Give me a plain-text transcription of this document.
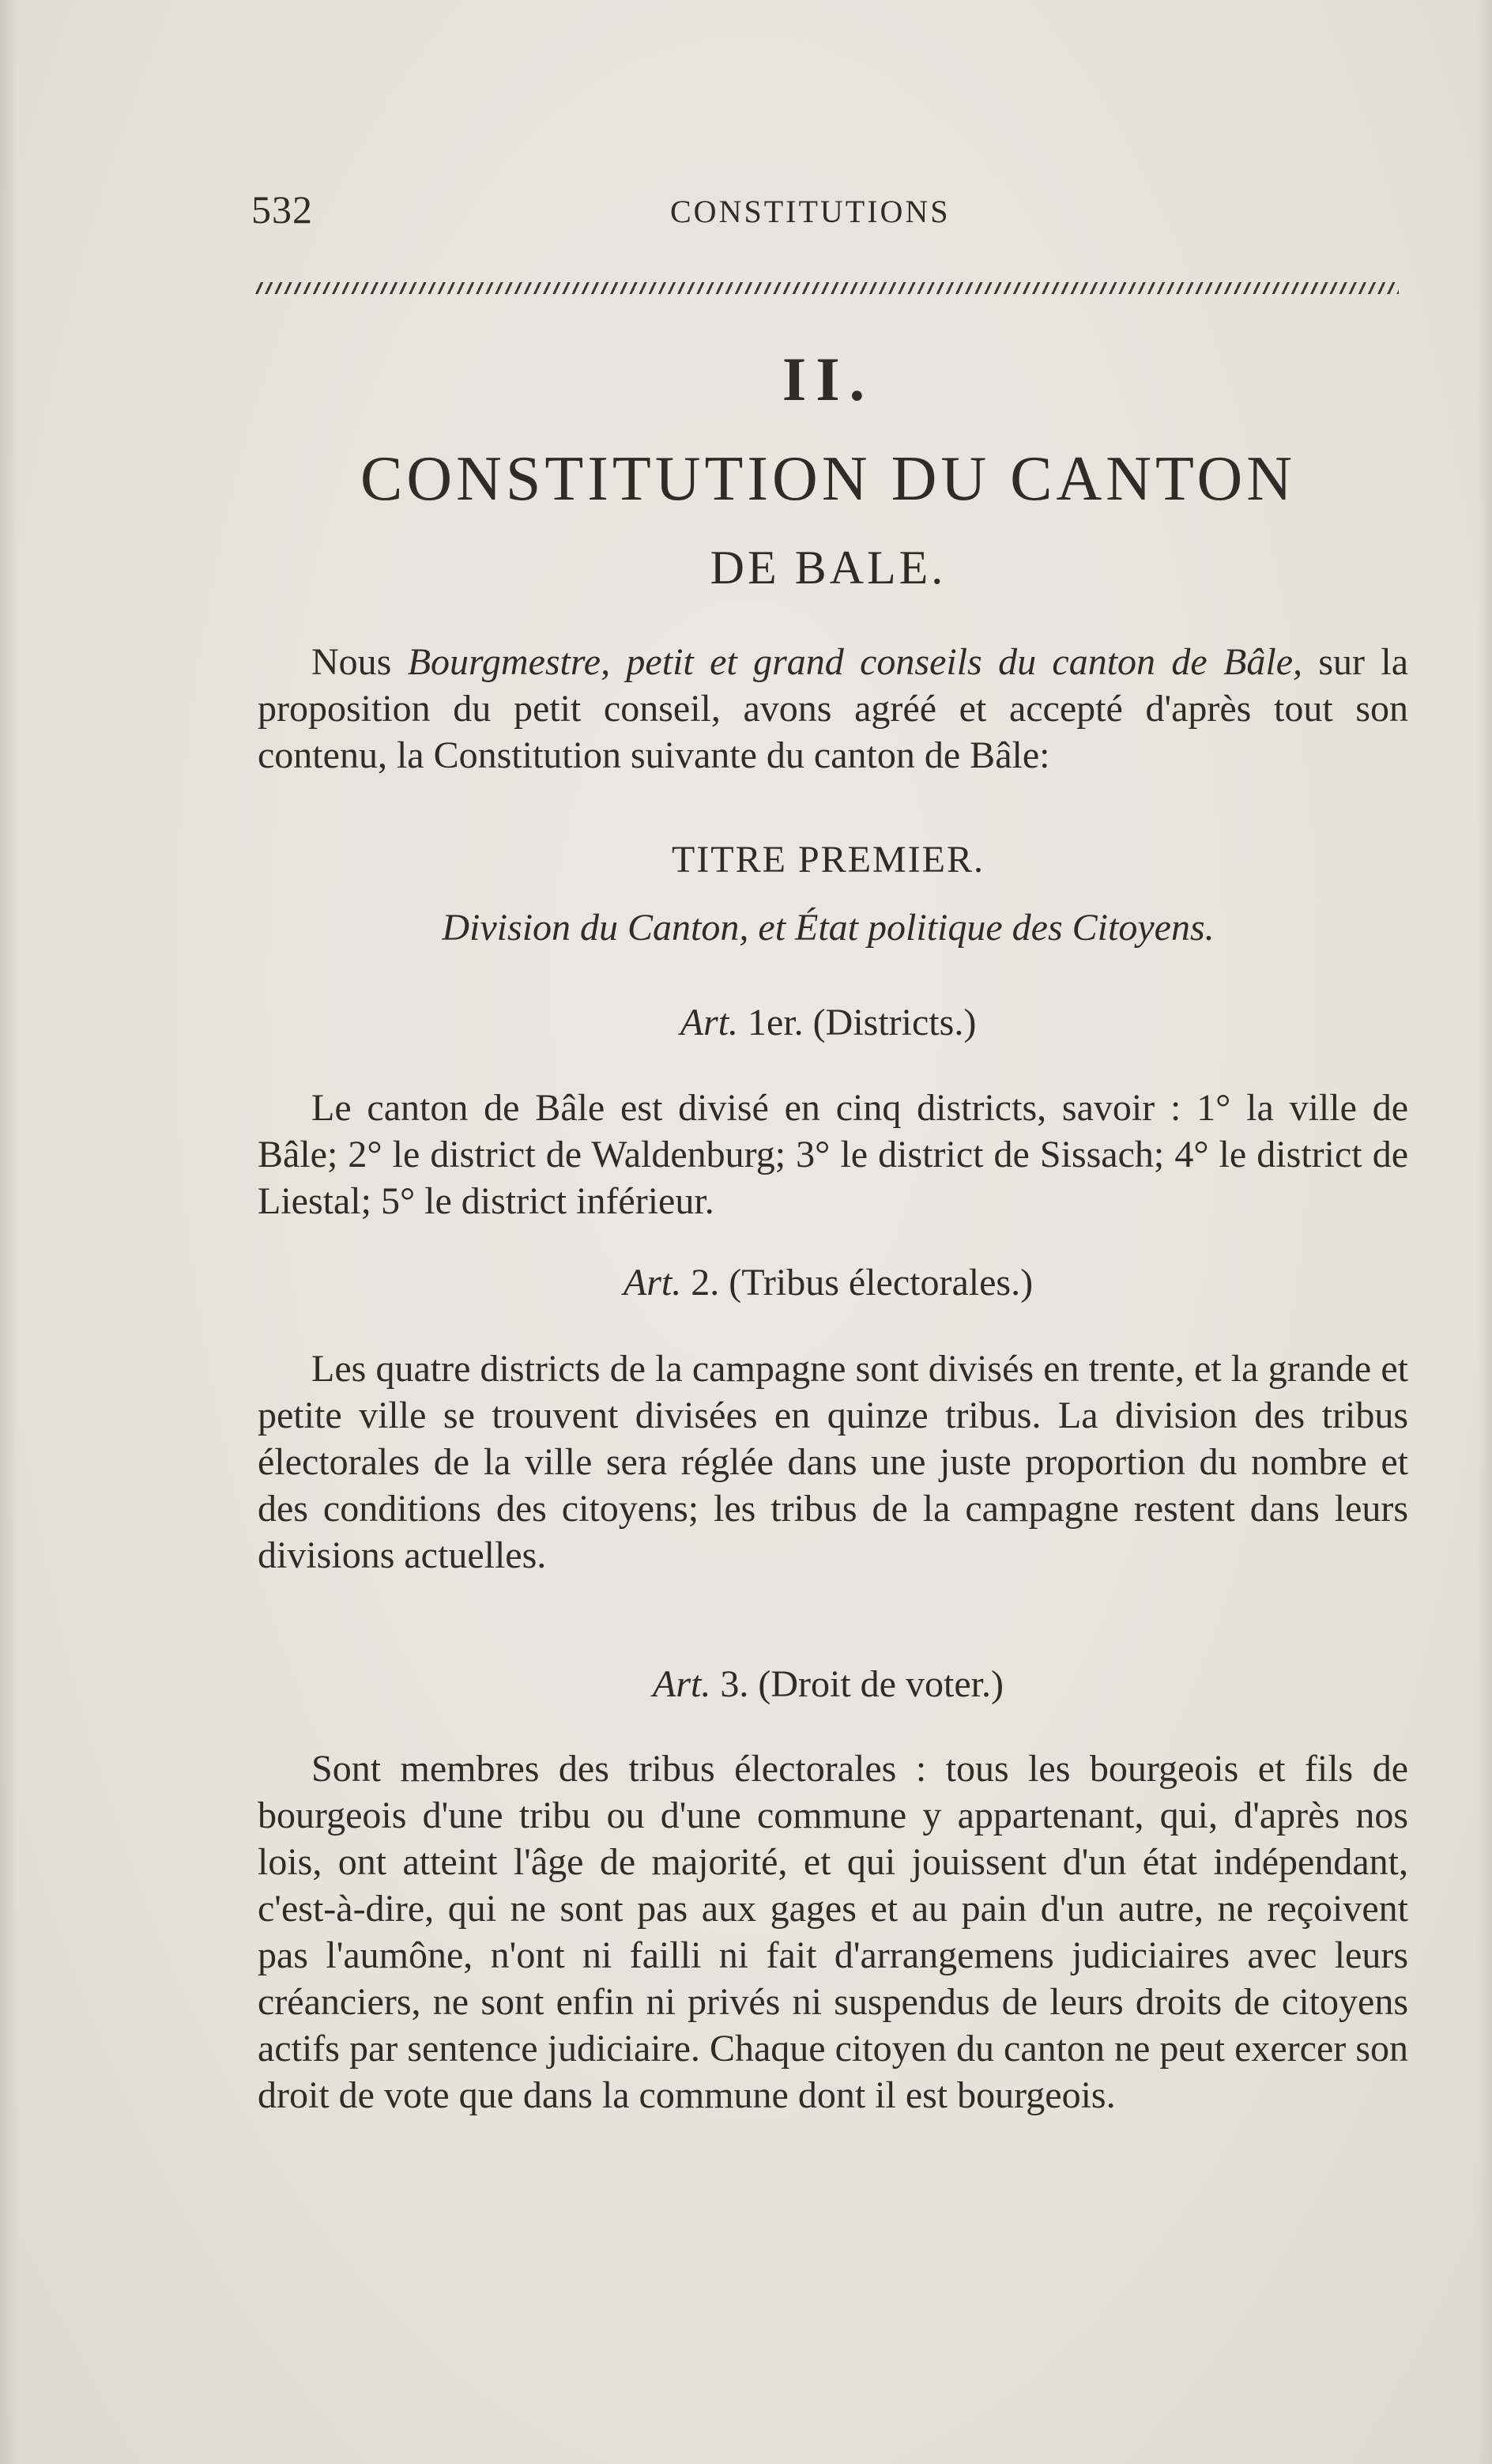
532	CONSTITUTIONS
II.
CONSTITUTION DU CANTON
DE BALE.

Nous Bourgmestre, petit et grand conseils du canton de Bâle, sur la proposition du petit conseil, avons agréé et accepté d'après tout son contenu, la Constitution suivante du canton de Bâle:

TITRE PREMIER.
Division du Canton, et État politique des Citoyens.
Art. 1er. (Districts.)

Le canton de Bâle est divisé en cinq districts, savoir : 1° la ville de Bâle; 2° le district de Waldenburg; 3° le district de Sissach; 4° le district de Liestal; 5° le district inférieur.

Art. 2. (Tribus électorales.)

Les quatre districts de la campagne sont divisés en trente, et la grande et petite ville se trouvent divisées en quinze tribus. La division des tribus électorales de la ville sera réglée dans une juste proportion du nombre et des conditions des citoyens; les tribus de la campagne restent dans leurs divisions actuelles.

Art. 3. (Droit de voter.)

Sont membres des tribus électorales : tous les bourgeois et fils de bourgeois d'une tribu ou d'une commune y appartenant, qui, d'après nos lois, ont atteint l'âge de majorité, et qui jouissent d'un état indépendant, c'est-à-dire, qui ne sont pas aux gages et au pain d'un autre, ne reçoivent pas l'aumône, n'ont ni failli ni fait d'arrangemens judiciaires avec leurs créanciers, ne sont enfin ni privés ni suspendus de leurs droits de citoyens actifs par sentence judiciaire. Chaque citoyen du canton ne peut exercer son droit de vote que dans la commune dont il est bourgeois.
